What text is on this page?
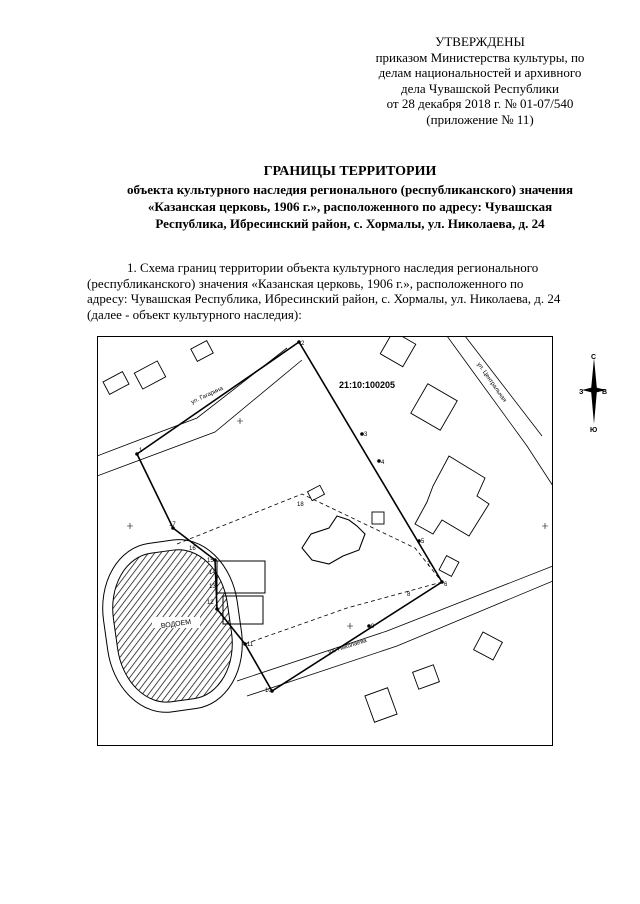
УТВЕРЖДЕНЫ
приказом Министерства культуры, по
делам национальностей и архивного
дела Чувашской Республики
от 28 декабря 2018 г. № 01-07/540
(приложение № 11)
ГРАНИЦЫ ТЕРРИТОРИИ
объекта культурного наследия регионального (республиканского) значения
«Казанская церковь, 1906 г.», расположенного по адресу: Чувашская
Республика, Ибресинский район, с. Хормалы, ул. Николаева, д. 24
1. Схема границ территории объекта культурного наследия регионального
(республиканского) значения «Казанская церковь, 1906 г.», расположенного по
адресу: Чувашская Республика, Ибресинский район, с. Хормалы, ул. Николаева, д. 24
(далее - объект культурного наследия):
ВОДОЕМ
21:10:100205
ул. Гагарина	ул. Центральная
ул. Николаева
1
2
3
4
5
6
7
8
9
10
11
12
13
14
15
16
17
18
С
Ю
З	В
